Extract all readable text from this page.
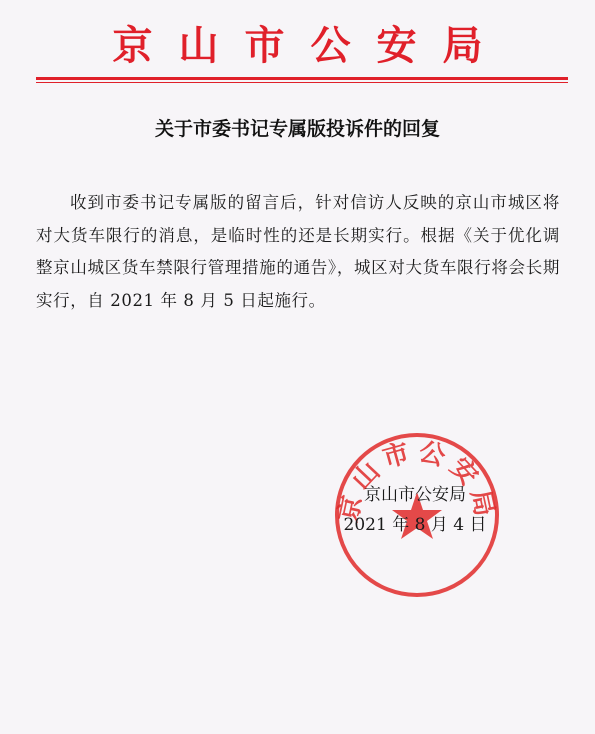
京山市公安局
关于市委书记专属版投诉件的回复
收到市委书记专属版的留言后，针对信访人反映的京山市城区将对大货车限行的消息，是临时性的还是长期实行。根据《关于优化调整京山城区货车禁限行管理措施的通告》，城区对大货车限行将会长期实行，自 2021 年 8 月 5 日起施行。
京山市公安局
京山市公安局
2021 年 8 月 4 日
